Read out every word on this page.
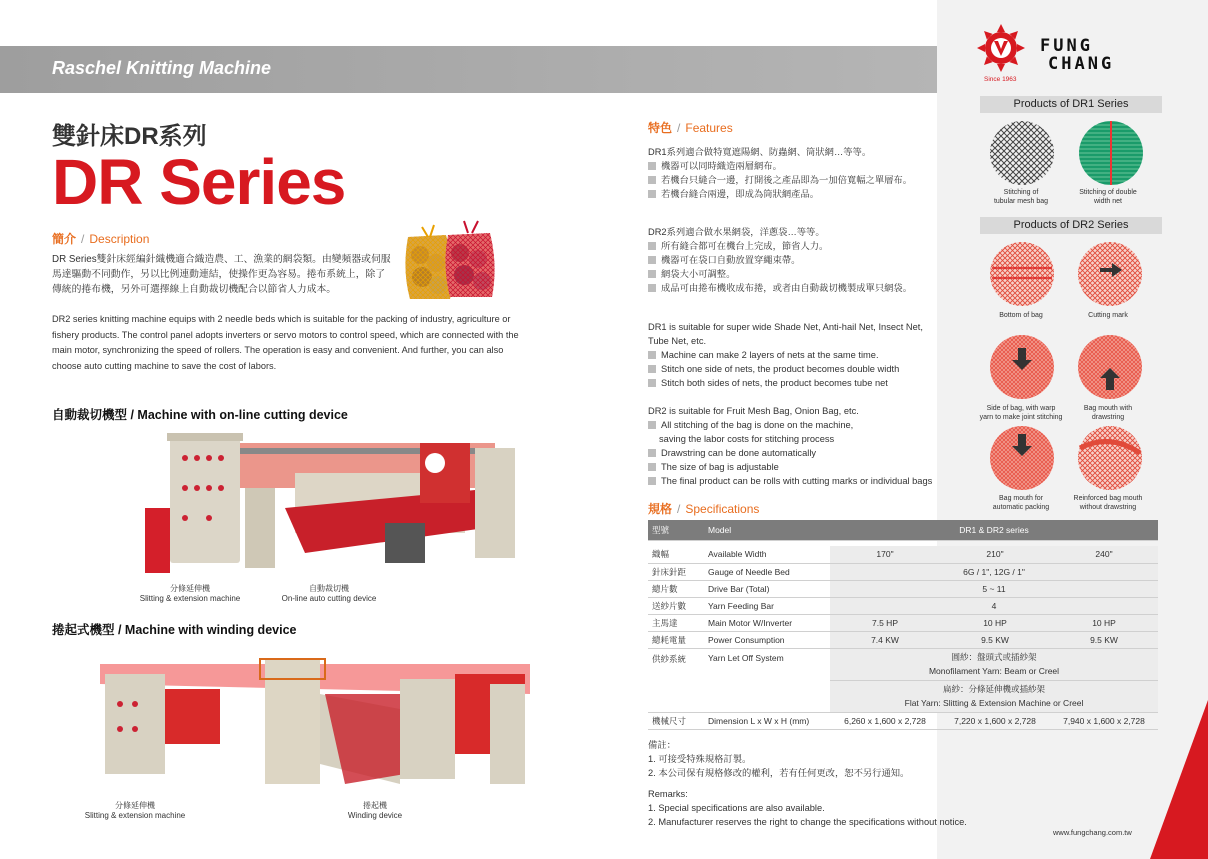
Raschel Knitting Machine
Since 1963
FUNG
CHANG
雙針床DR系列
DR Series
簡介 / Description
DR Series雙針床經編針織機適合織造農、工、漁業的網袋類。由變頻器或伺服
馬達驅動不同動作，另以比例連動連結，使操作更為容易。捲布系統上，除了
傳統的捲布機，另外可選擇線上自動裁切機配合以節省人力成本。
DR2 series knitting machine equips with 2 needle beds which is suitable for the packing of industry, agriculture or
fishery products. The control panel adopts inverters or servo motors to control speed, which are connected with the
main motor, synchronizing the speed of rollers. The operation is easy and convenient. And further, you can also
choose auto cutting machine to save the cost of labors.
自動裁切機型 / Machine with on-line cutting device
分條延伸機
Slitting & extension machine
自動裁切機
On-line auto cutting device
捲起式機型 / Machine with winding device
分條延伸機
Slitting & extension machine
捲起機
Winding device
特色 / Features
DR1系列適合做特寬遮陽網、防蟲網、筒狀網…等等。
機器可以同時織造兩層網布。
若機台只縫合一邊，打開後之產品即為一加倍寬幅之單層布。
若機台縫合兩邊，即成為筒狀網產品。
DR2系列適合做水果網袋，洋蔥袋…等等。
所有縫合都可在機台上完成，節省人力。
機器可在袋口自動放置穿繩束帶。
網袋大小可調整。
成品可由捲布機收成布捲，或者由自動裁切機製成單只網袋。
DR1 is suitable for super wide Shade Net, Anti-hail Net, Insect Net,
Tube Net, etc.
Machine can make 2 layers of nets at the same time.
Stitch one side of nets, the product becomes double width
Stitch both sides of nets, the product becomes tube net
DR2 is suitable for Fruit Mesh Bag, Onion Bag, etc.
All stitching of the bag is done on the machine,
saving the labor costs for stitching process
Drawstring can be done automatically
The size of bag is adjustable
The final product can be rolls with cutting marks or individual bags
規格 / Specifications
型號	Model	DR1 & DR2 series		

織幅	Available Width	170"	210"	240"
針床針距	Gauge of Needle Bed	6G / 1", 12G / 1"		
總片數	Drive Bar (Total)	5 ~ 11		
送紗片數	Yarn Feeding Bar	4		
主馬達	Main Motor W/Inverter	7.5 HP	10 HP	10 HP
總耗電量	Power Consumption	7.4 KW	9.5 KW	9.5 KW
供紗系統	Yarn Let Off System	圓紗：盤頭式或插紗架
Monofilament Yarn: Beam or Creel		

		扁紗：分條延伸機或插紗架
Flat Yarn: Slitting & Extension Machine or Creel		

機械尺寸	Dimension L x W x H (mm)	6,260 x 1,600 x 2,728	7,220 x 1,600 x 2,728	7,940 x 1,600 x 2,728
備註：
1. 可接受特殊規格訂製。
2. 本公司保有規格修改的權利，若有任何更改，恕不另行通知。
Remarks:
1. Special specifications are also available.
2. Manufacturer reserves the right to change the specifications without notice.
www.fungchang.com.tw
Products of DR1 Series
Stitching of
tubular mesh bag
Stitching of double
width net
Products of DR2 Series
Bottom of bag	Cutting mark
Side of bag, with warp
yarn to make joint stitching
Bag mouth with
drawstring
Bag mouth for
automatic packing
Reinforced bag mouth
without drawstring
